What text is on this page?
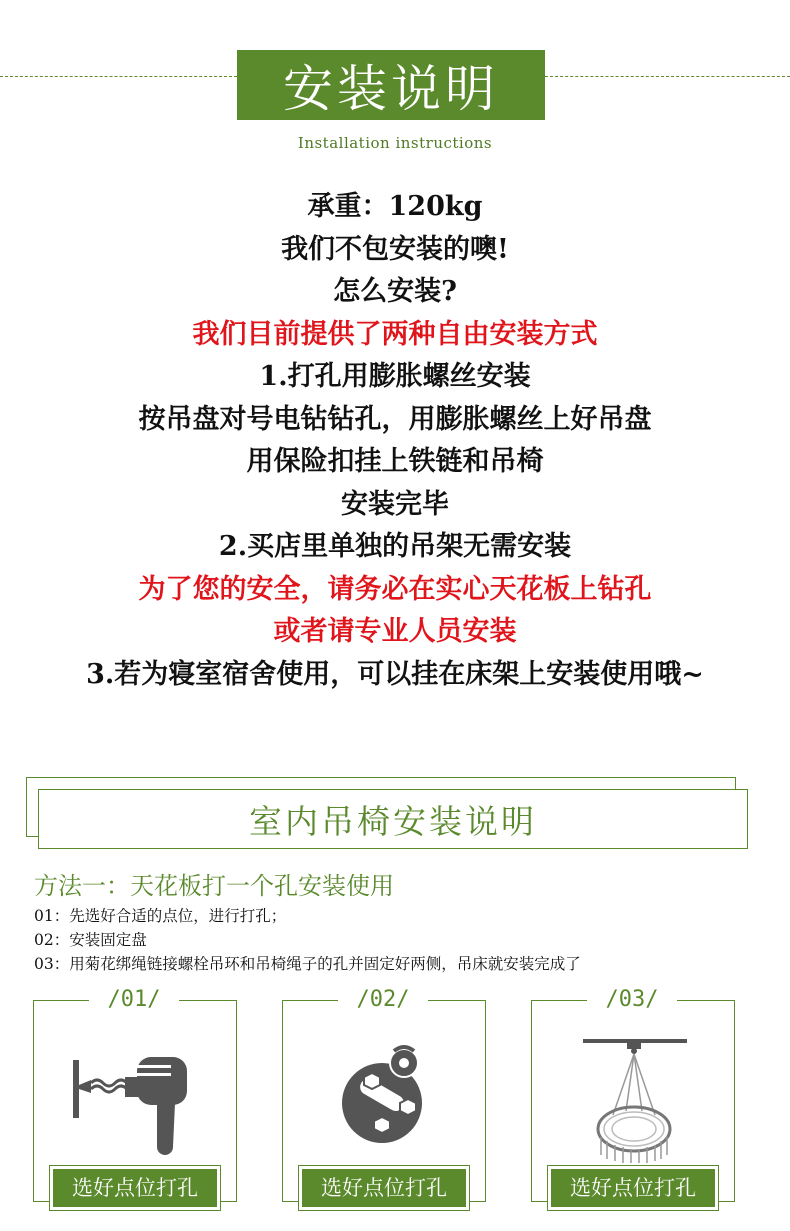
安装说明
Installation instructions
承重：120kg
我们不包安装的噢!
怎么安装?
我们目前提供了两种自由安装方式
1.打孔用膨胀螺丝安装
按吊盘对号电钻钻孔，用膨胀螺丝上好吊盘
用保险扣挂上铁链和吊椅
安装完毕
2.买店里单独的吊架无需安装
为了您的安全，请务必在实心天花板上钻孔
或者请专业人员安装
3.若为寝室宿舍使用，可以挂在床架上安装使用哦~
室内吊椅安装说明
方法一：天花板打一个孔安装使用
01：先选好合适的点位，进行打孔；
02：安装固定盘
03：用菊花绑绳链接螺栓吊环和吊椅绳子的孔并固定好两侧，吊床就安装完成了
/01/
选好点位打孔
/02/
选好点位打孔
/03/
选好点位打孔
